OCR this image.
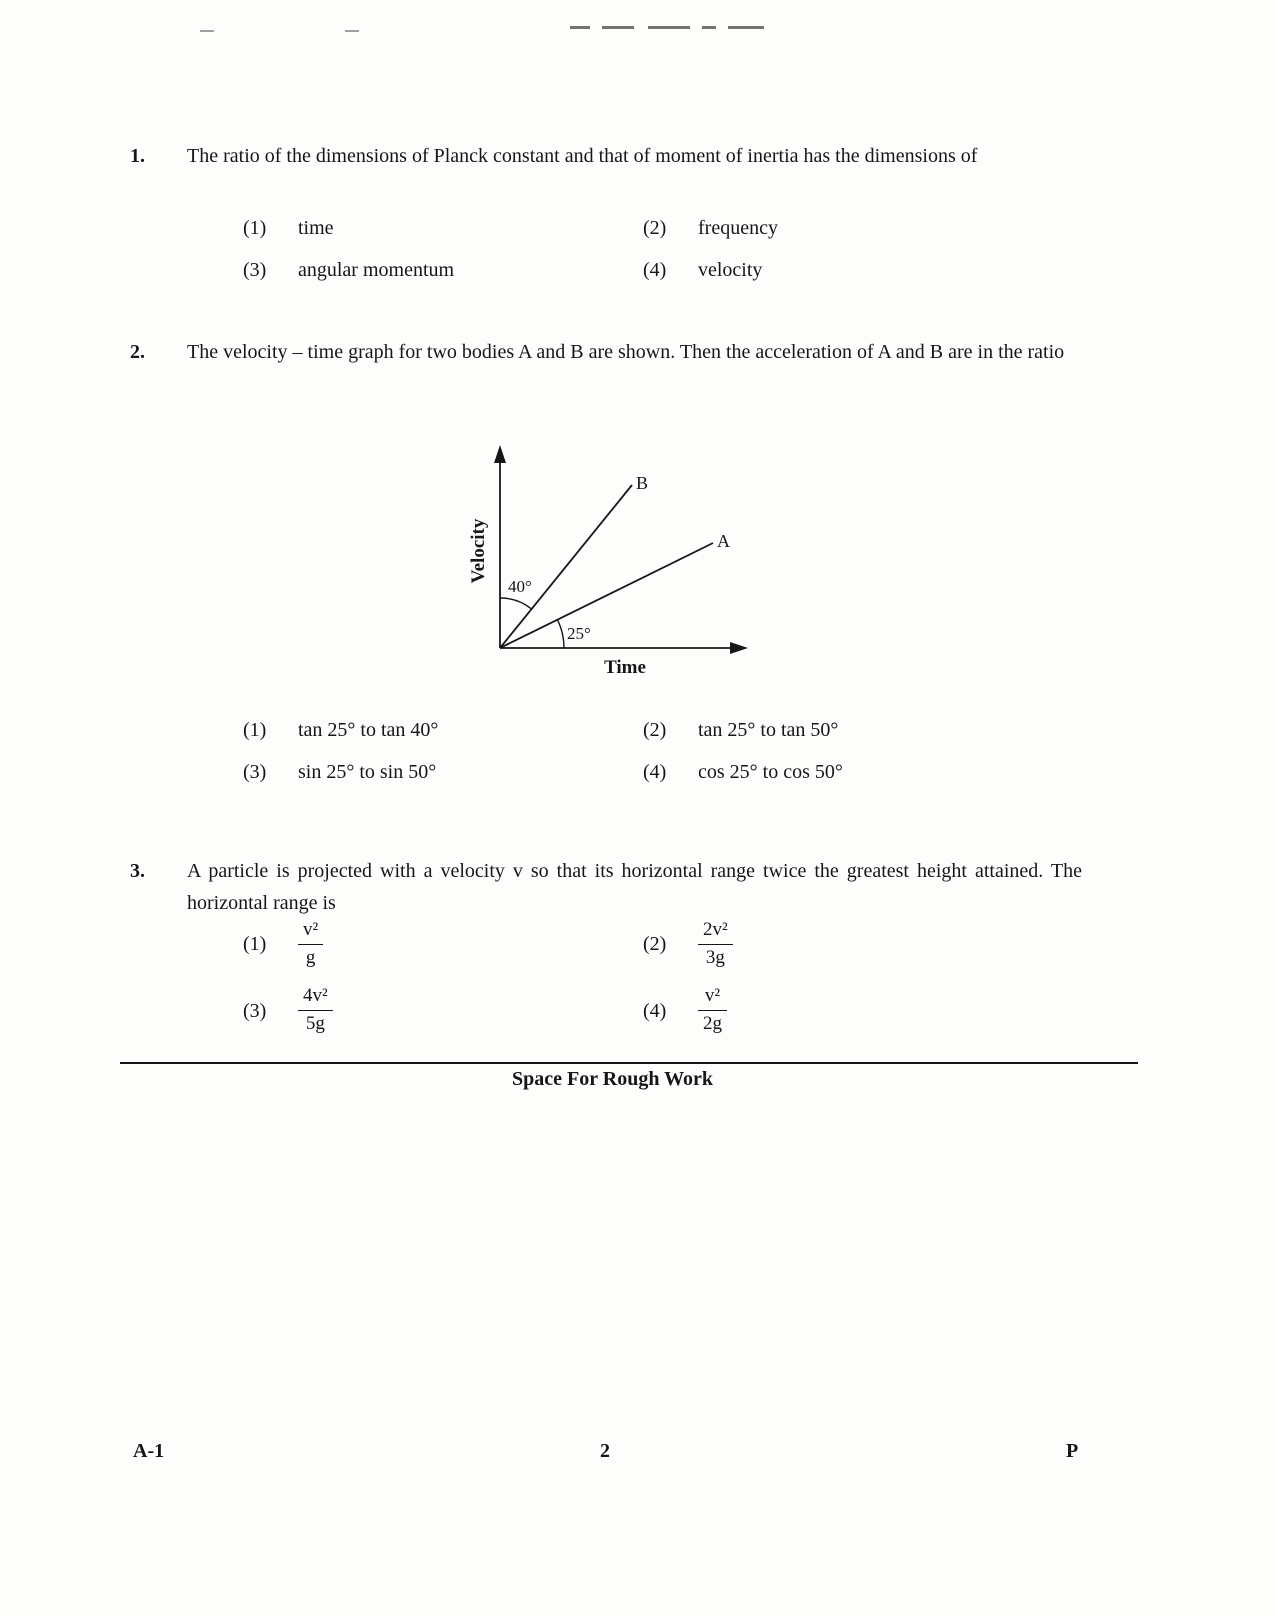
1.	The ratio of the dimensions of Planck constant and that of moment of inertia has the dimensions of
(1)	time	(2)	frequency
(3)	angular momentum	(4)	velocity
2.	The velocity – time graph for two bodies A and B are shown. Then the acceleration of A and B are in the ratio
B
A
40°
25°
Velocity
Time
(1)	tan 25° to tan 40°	(2)	tan 25° to tan 50°
(3)	sin 25° to sin 50°	(4)	cos 25° to cos 50°
3.	A particle is projected with a velocity v so that its horizontal range twice the greatest height attained. The horizontal range is
(1)	$\frac{\text{v²}}{g}$	(2)	$\frac{\text{2v²}}{3g}$
(3)	$\frac{\text{4v²}}{5g}$	(4)	$\frac{\text{v²}}{2g}$
Space For Rough Work
A-1	2	P
